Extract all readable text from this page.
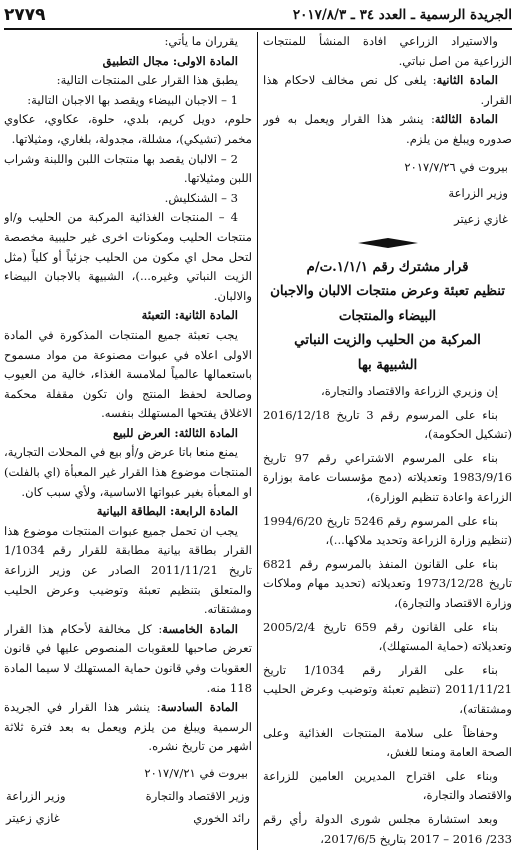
الجريدة الرسمية ـ العدد ٣٤ ـ ٢٠١٧/٨/٣
٢٧٧٩

والاستيراد الزراعي افادة المنشأ للمنتجات الزراعية من اصل نباتي.

المادة الثانية: يلغى كل نص مخالف لاحكام هذا القرار.

المادة الثالثة: ينشر هذا القرار ويعمل به فور صدوره ويبلغ من يلزم.

بيروت في ٢٠١٧/٧/٢٦
وزير الزراعة
غازي زعيتر
قرار مشترك رقم ١/١/١.ت/م
تنظيم تعبئة وعرض منتجات الالبان والاجبان
البيضاء والمنتجات
المركبة من الحليب والزيت النباتي
الشبيهة بها

إن وزيري الزراعة والاقتصاد والتجارة،

بناء على المرسوم رقم 3 تاريخ 2016/12/18 (تشكيل الحكومة)،

بناء على المرسوم الاشتراعي رقم 97 تاريخ 1983/9/16 وتعديلاته (دمج مؤسسات عامة بوزارة الزراعة واعادة تنظيم الوزارة)،

بناء على المرسوم رقم 5246 تاريخ 1994/6/20 (تنظيم وزارة الزراعة وتحديد ملاكها...)،

بناء على القانون المنفذ بالمرسوم رقم 6821 تاريخ 1973/12/28 وتعديلاته (تحديد مهام وملاكات وزارة الاقتصاد والتجارة)،

بناء على القانون رقم 659 تاريخ 2005/2/4 وتعديلاته (حماية المستهلك)،

بناء على القرار رقم 1/1034 تاريخ 2011/11/21 (تنظيم تعبئة وتوضيب وعرض الحليب ومشتقاته)،

وحفاظاً على سلامة المنتجات الغذائية وعلى الصحة العامة ومنعا للغش،

وبناء على اقتراح المديرين العامين للزراعة والاقتصاد والتجارة،

وبعد استشارة مجلس شورى الدولة رأي رقم 233/ 2016 – 2017 بتاريخ 2017/6/5،

يقرران ما يأتي:

المادة الاولى: مجال التطبيق

يطبق هذا القرار على المنتجات التالية:

1 – الاجبان البيضاء ويقصد بها الاجبان التالية:

حلوم، دويل كريم، بلدي، حلوة، عكاوي، عكاوي مخمر (تشيكي)، مشللة، مجدولة، بلغاري، ومثيلاتها.

2 – الالبان يقصد بها منتجات اللبن واللبنة وشراب اللبن ومثيلاتها.

3 – الشنكليش.

4 – المنتجات الغذائية المركبة من الحليب و/او منتجات الحليب ومكونات اخرى غير حليبية مخصصة لتحل محل اي مكون من الحليب جزئياً أو كلياً (مثل الزيت النباتي وغيره...)، الشبيهة بالاجبان البيضاء والالبان.

المادة الثانية: التعبئة

يجب تعبئة جميع المنتجات المذكورة في المادة الاولى اعلاه في عبوات مصنوعة من مواد مسموح باستعمالها عالمياً لملامسة الغذاء، خالية من العيوب وصالحة لحفظ المنتج وان تكون مقفلة محكمة الاغلاق يفتحها المستهلك بنفسه.

المادة الثالثة: العرض للبيع

يمنع منعا باتا عرض و/أو بيع في المحلات التجارية، المنتجات موضوع هذا القرار غير المعبأة (اي بالفلت) او المعبأة بغير عبواتها الاساسية، ولأي سبب كان.

المادة الرابعة: البطاقة البيانية

يجب ان تحمل جميع عبوات المنتجات موضوع هذا القرار بطاقة بيانية مطابقة للقرار رقم 1/1034 تاريخ 2011/11/21 الصادر عن وزير الزراعة والمتعلق بتنظيم تعبئة وتوضيب وعرض الحليب ومشتقاته.

المادة الخامسة: كل مخالفة لأحكام هذا القرار تعرض صاحبها للعقوبات المنصوص عليها في قانون العقوبات وفي قانون حماية المستهلك لا سيما المادة 118 منه.

المادة السادسة: ينشر هذا القرار في الجريدة الرسمية ويبلغ من يلزم ويعمل به بعد فترة ثلاثة اشهر من تاريخ نشره.

بيروت في ٢٠١٧/٧/٢١
وزير الاقتصاد والتجارة
وزير الزراعة
رائد الخوري
غازي زعيتر
